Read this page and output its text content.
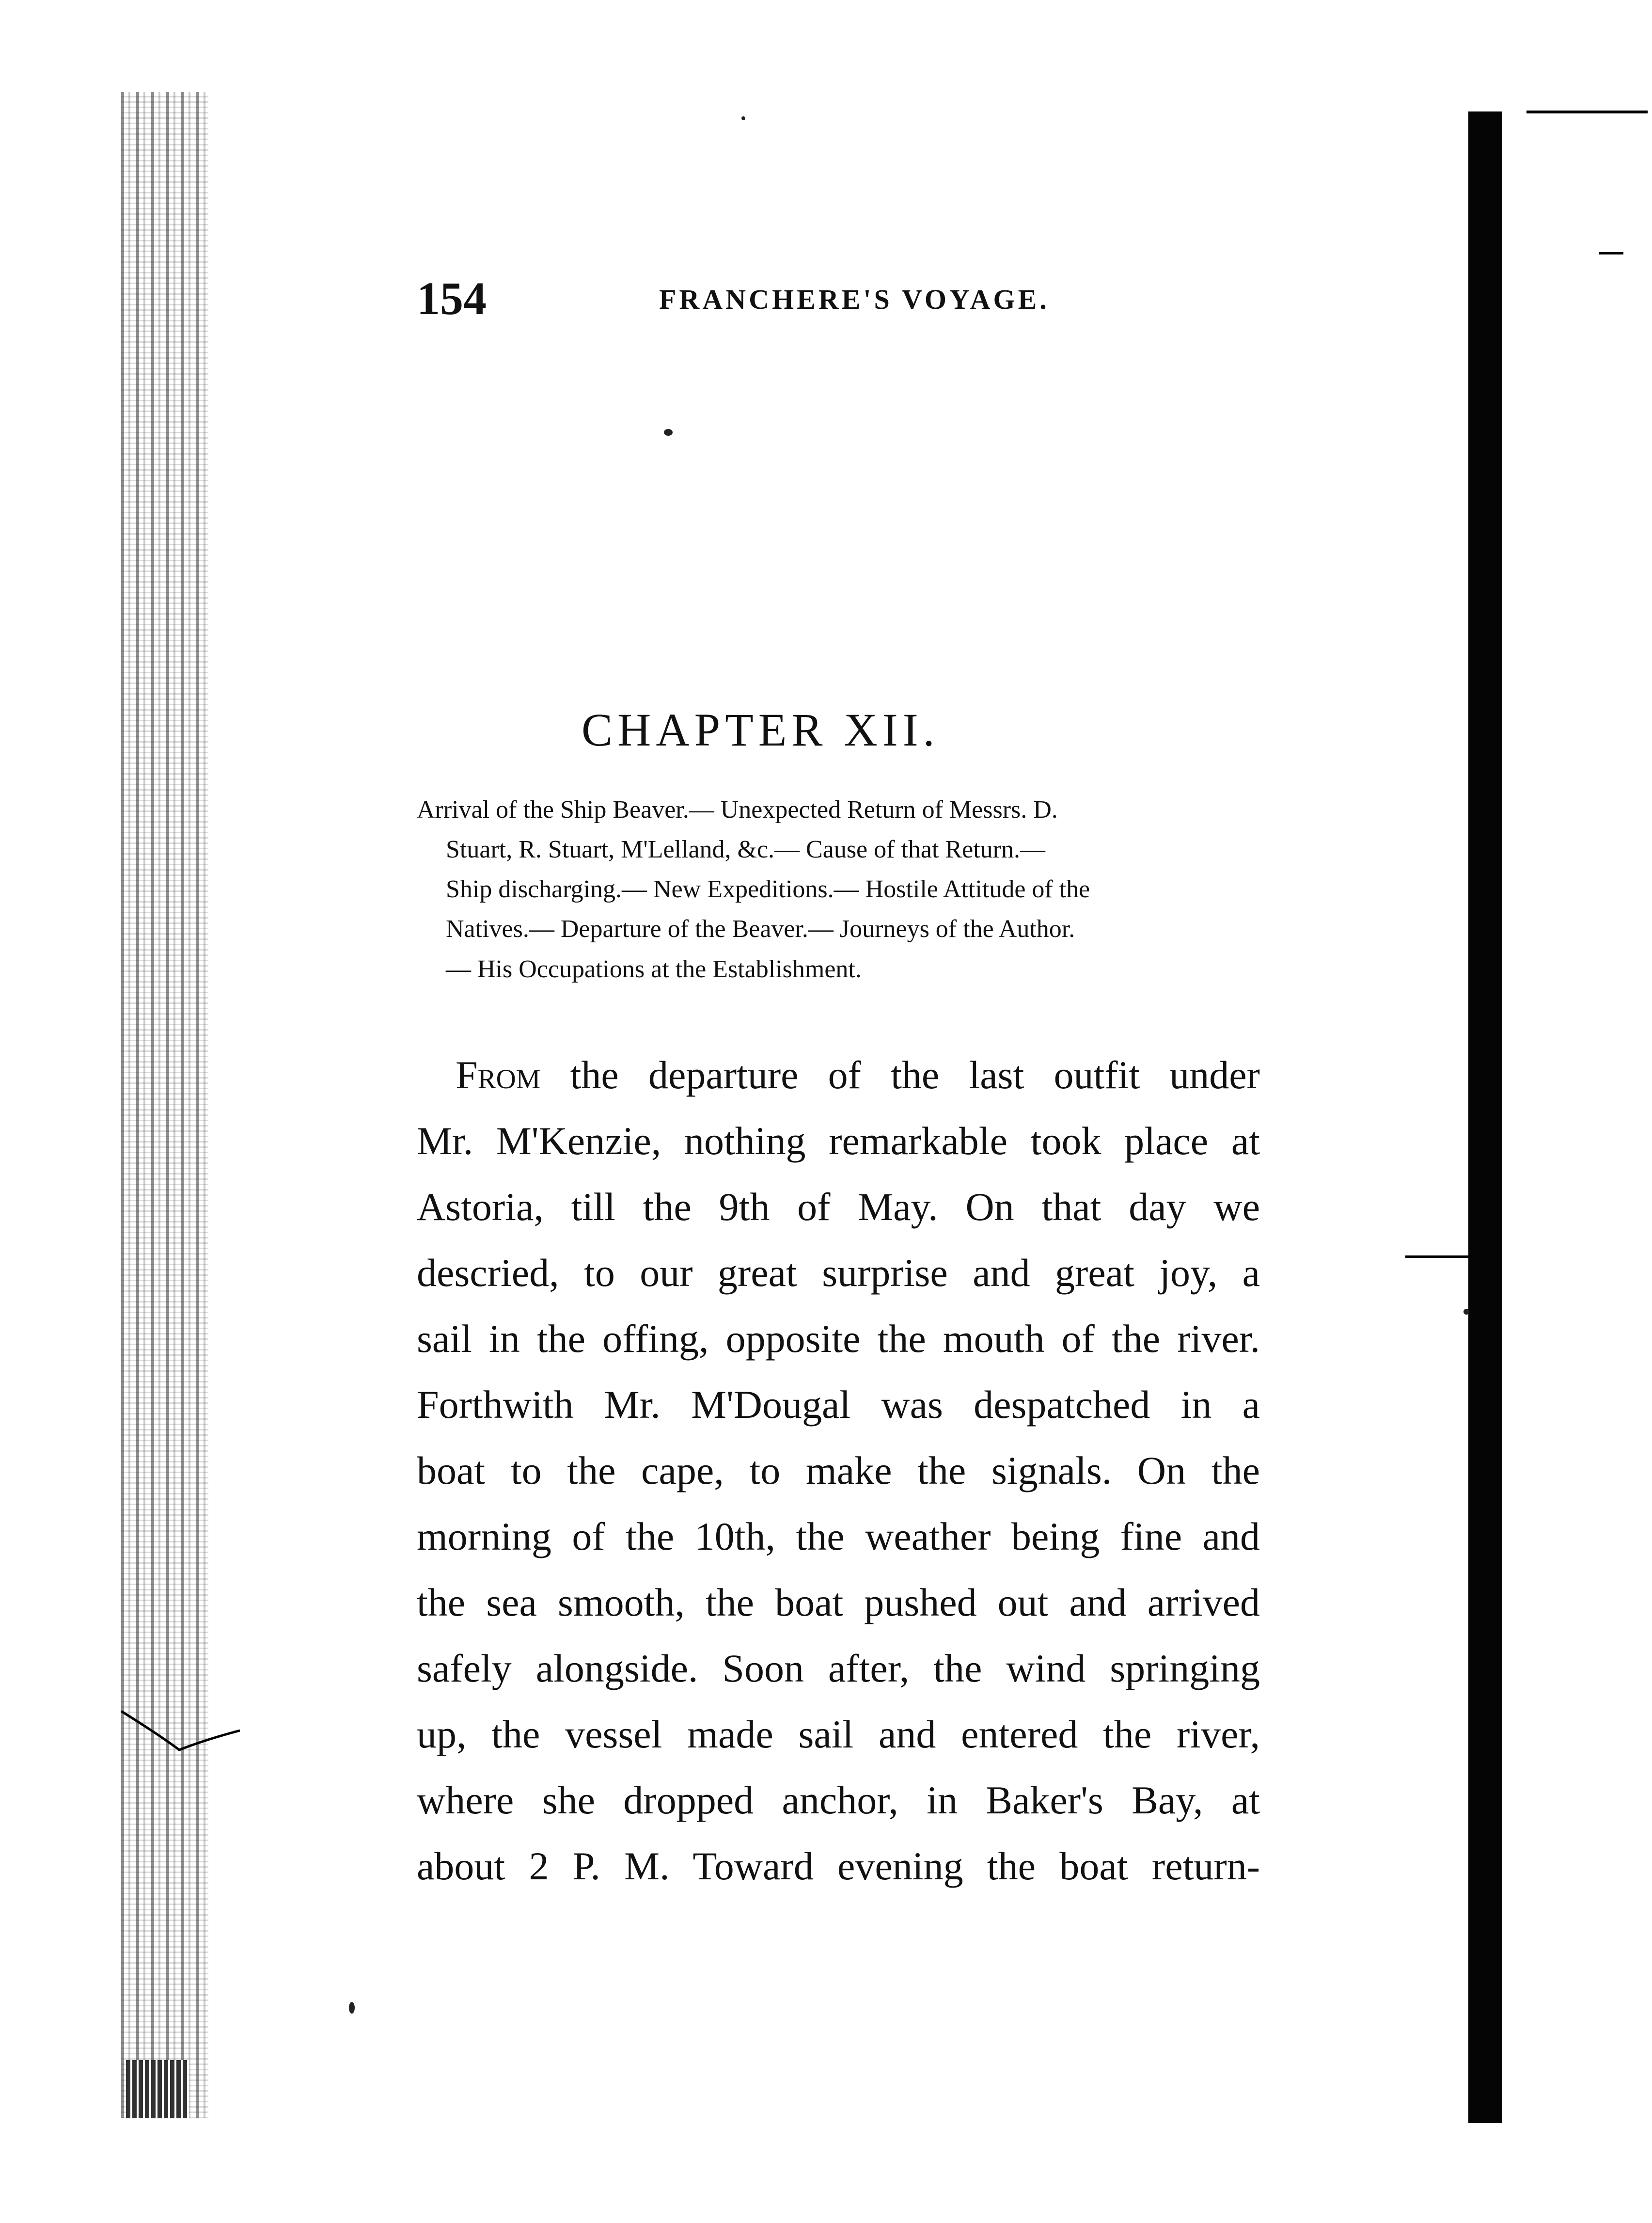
154	FRANCHERE'S VOYAGE.
CHAPTER XII.
Arrival of the Ship Beaver.— Unexpected Return of Messrs. D.
Stuart, R. Stuart, M'Lelland, &c.— Cause of that Return.—
Ship discharging.— New Expeditions.— Hostile Attitude of the
Natives.— Departure of the Beaver.— Journeys of the Author.
— His Occupations at the Establishment.
From the departure of the last outfit under
Mr. M'Kenzie, nothing remarkable took place at
Astoria, till the 9th of May. On that day we
descried, to our great surprise and great joy, a
sail in the offing, opposite the mouth of the river.
Forthwith Mr. M'Dougal was despatched in a
boat to the cape, to make the signals. On the
morning of the 10th, the weather being fine and
the sea smooth, the boat pushed out and arrived
safely alongside. Soon after, the wind springing
up, the vessel made sail and entered the river,
where she dropped anchor, in Baker's Bay, at
about 2 P. M. Toward evening the boat return-
